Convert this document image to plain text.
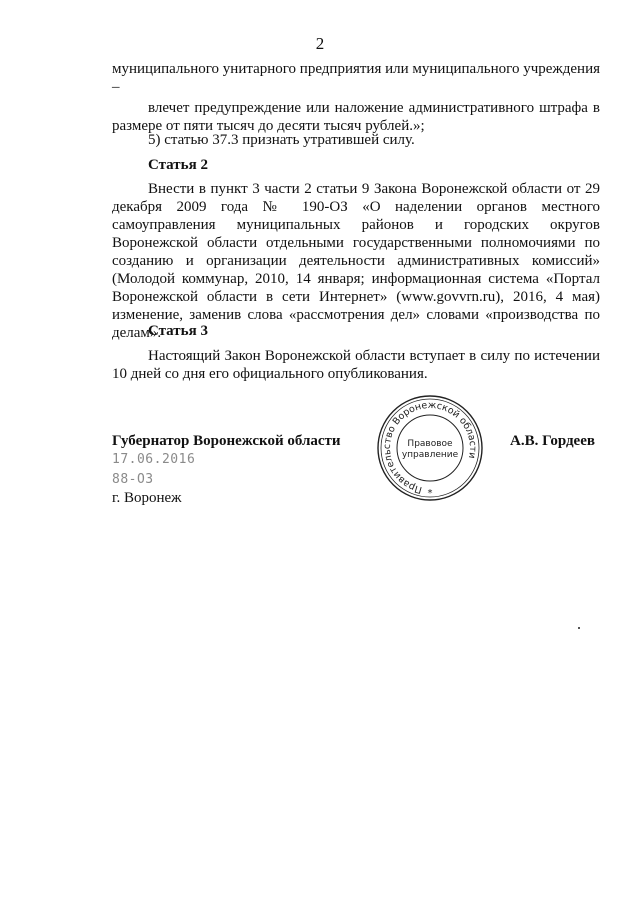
2
муниципального унитарного предприятия или муниципального учреждения –
влечет предупреждение или наложение административного штрафа в размере от пяти тысяч до десяти тысяч рублей.»;
5) статью 37.3 признать утратившей силу.
Статья 2
Внести в пункт 3 части 2 статьи 9 Закона Воронежской области от 29 декабря 2009 года № 190-ОЗ «О наделении органов местного самоуправления муниципальных районов и городских округов Воронежской области отдельными государственными полномочиями по созданию и организации деятельности административных комиссий» (Молодой коммунар, 2010, 14 января; информационная система «Портал Воронежской области в сети Интернет» (www.govvrn.ru), 2016, 4 мая) изменение, заменив слова «рассмотрения дел» словами «производства по делам».
Статья 3
Настоящий Закон Воронежской области вступает в силу по истечении 10 дней со дня его официального опубликования.
Губернатор Воронежской области	А.В. Гордеев
17.06.2016
88-ОЗ
г. Воронеж
Правительство Воронежской области
Правовое
управление
*
